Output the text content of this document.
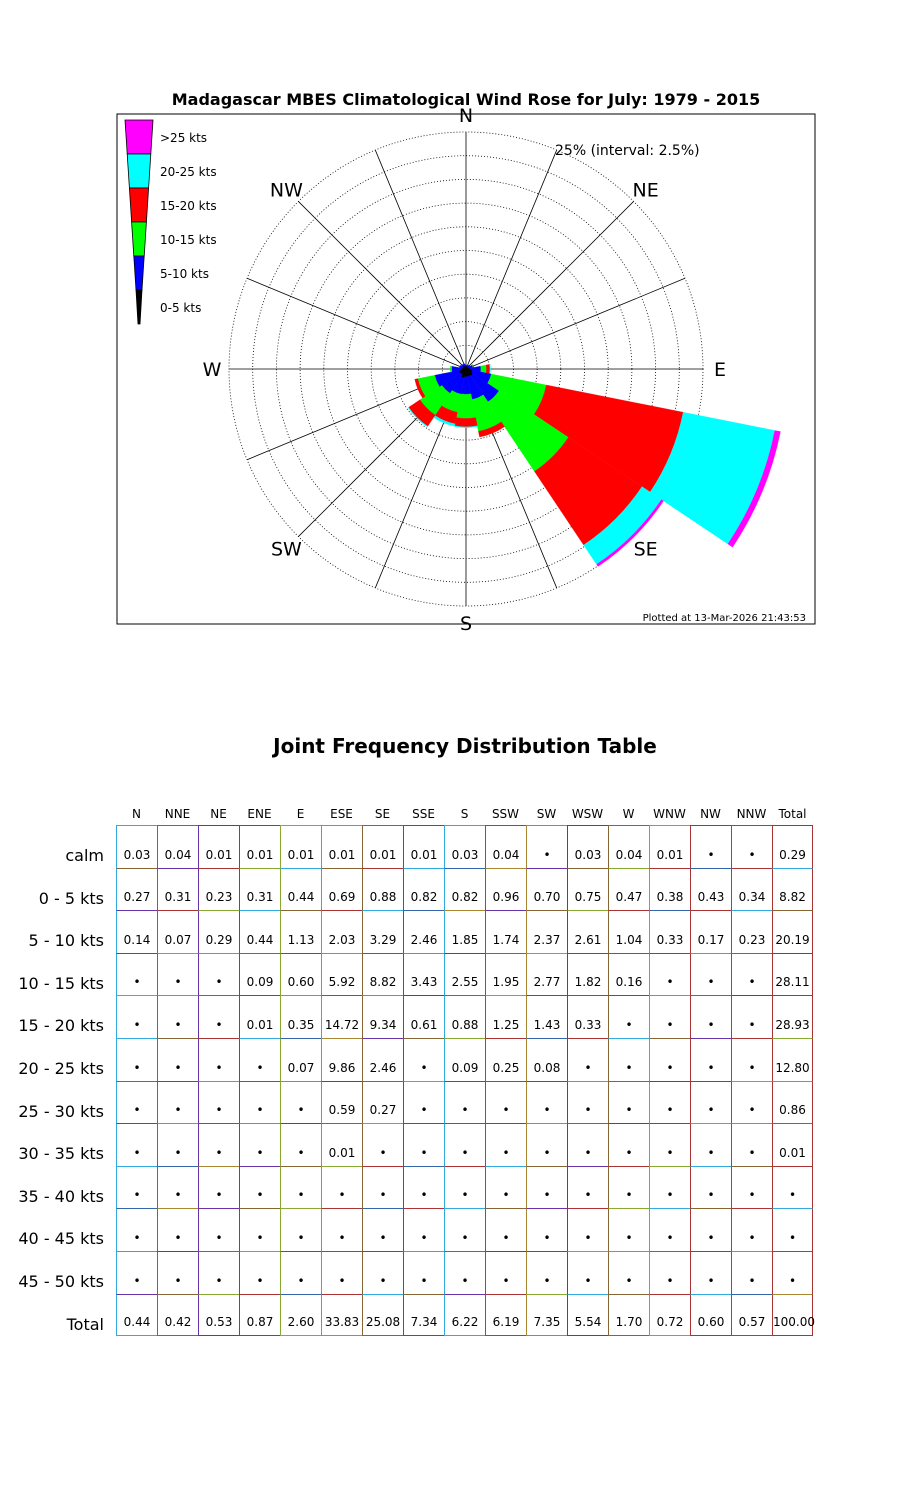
Madagascar MBES Climatological Wind Rose for July: 1979 - 2015
N
NE
E
SE
S
SW
W
NW
>25 kts
20-25 kts
15-20 kts
10-15 kts
5-10 kts
0-5 kts
25% (interval: 2.5%)
Plotted at 13-Mar-2026 21:43:53
Joint Frequency Distribution Table
N	NNE	NE	ENE	E	ESE	SE	SSE	S	SSW	SW	WSW	W	WNW	NW	NNW	Total
calm	0.03	0.04	0.01	0.01	0.01	0.01	0.01	0.01	0.03	0.04	•	0.03	0.04	0.01	•	•	0.29
0 - 5 kts	0.27	0.31	0.23	0.31	0.44	0.69	0.88	0.82	0.82	0.96	0.70	0.75	0.47	0.38	0.43	0.34	8.82
5 - 10 kts	0.14	0.07	0.29	0.44	1.13	2.03	3.29	2.46	1.85	1.74	2.37	2.61	1.04	0.33	0.17	0.23 20.19
10 - 15 kts	•	•	•	0.09	0.60	5.92	8.82	3.43	2.55	1.95	2.77	1.82	0.16	•	•	•	28.11
15 - 20 kts	•	•	•	0.01	0.35 14.72 9.34	0.61	0.88	1.25	1.43	0.33	•	•	•	•	28.93
20 - 25 kts	•	•	•	•	0.07	9.86	2.46	•	0.09	0.25	0.08	•	•	•	•	•	12.80
25 - 30 kts	•	•	•	•	•	0.59	0.27	•	•	•	•	•	•	•	•	•	0.86
30 - 35 kts	•	•	•	•	•	0.01	•	•	•	•	•	•	•	•	•	•	0.01
35 - 40 kts	•	•	•	•	•	•	•	•	•	•	•	•	•	•	•	•	•
40 - 45 kts	•	•	•	•	•	•	•	•	•	•	•	•	•	•	•	•	•
45 - 50 kts	•	•	•	•	•	•	•	•	•	•	•	•	•	•	•	•	•
Total	0.44	0.42	0.53	0.87	2.60 33.83 25.08 7.34	6.22	6.19	7.35	5.54	1.70	0.72	0.60	0.57 100.00
